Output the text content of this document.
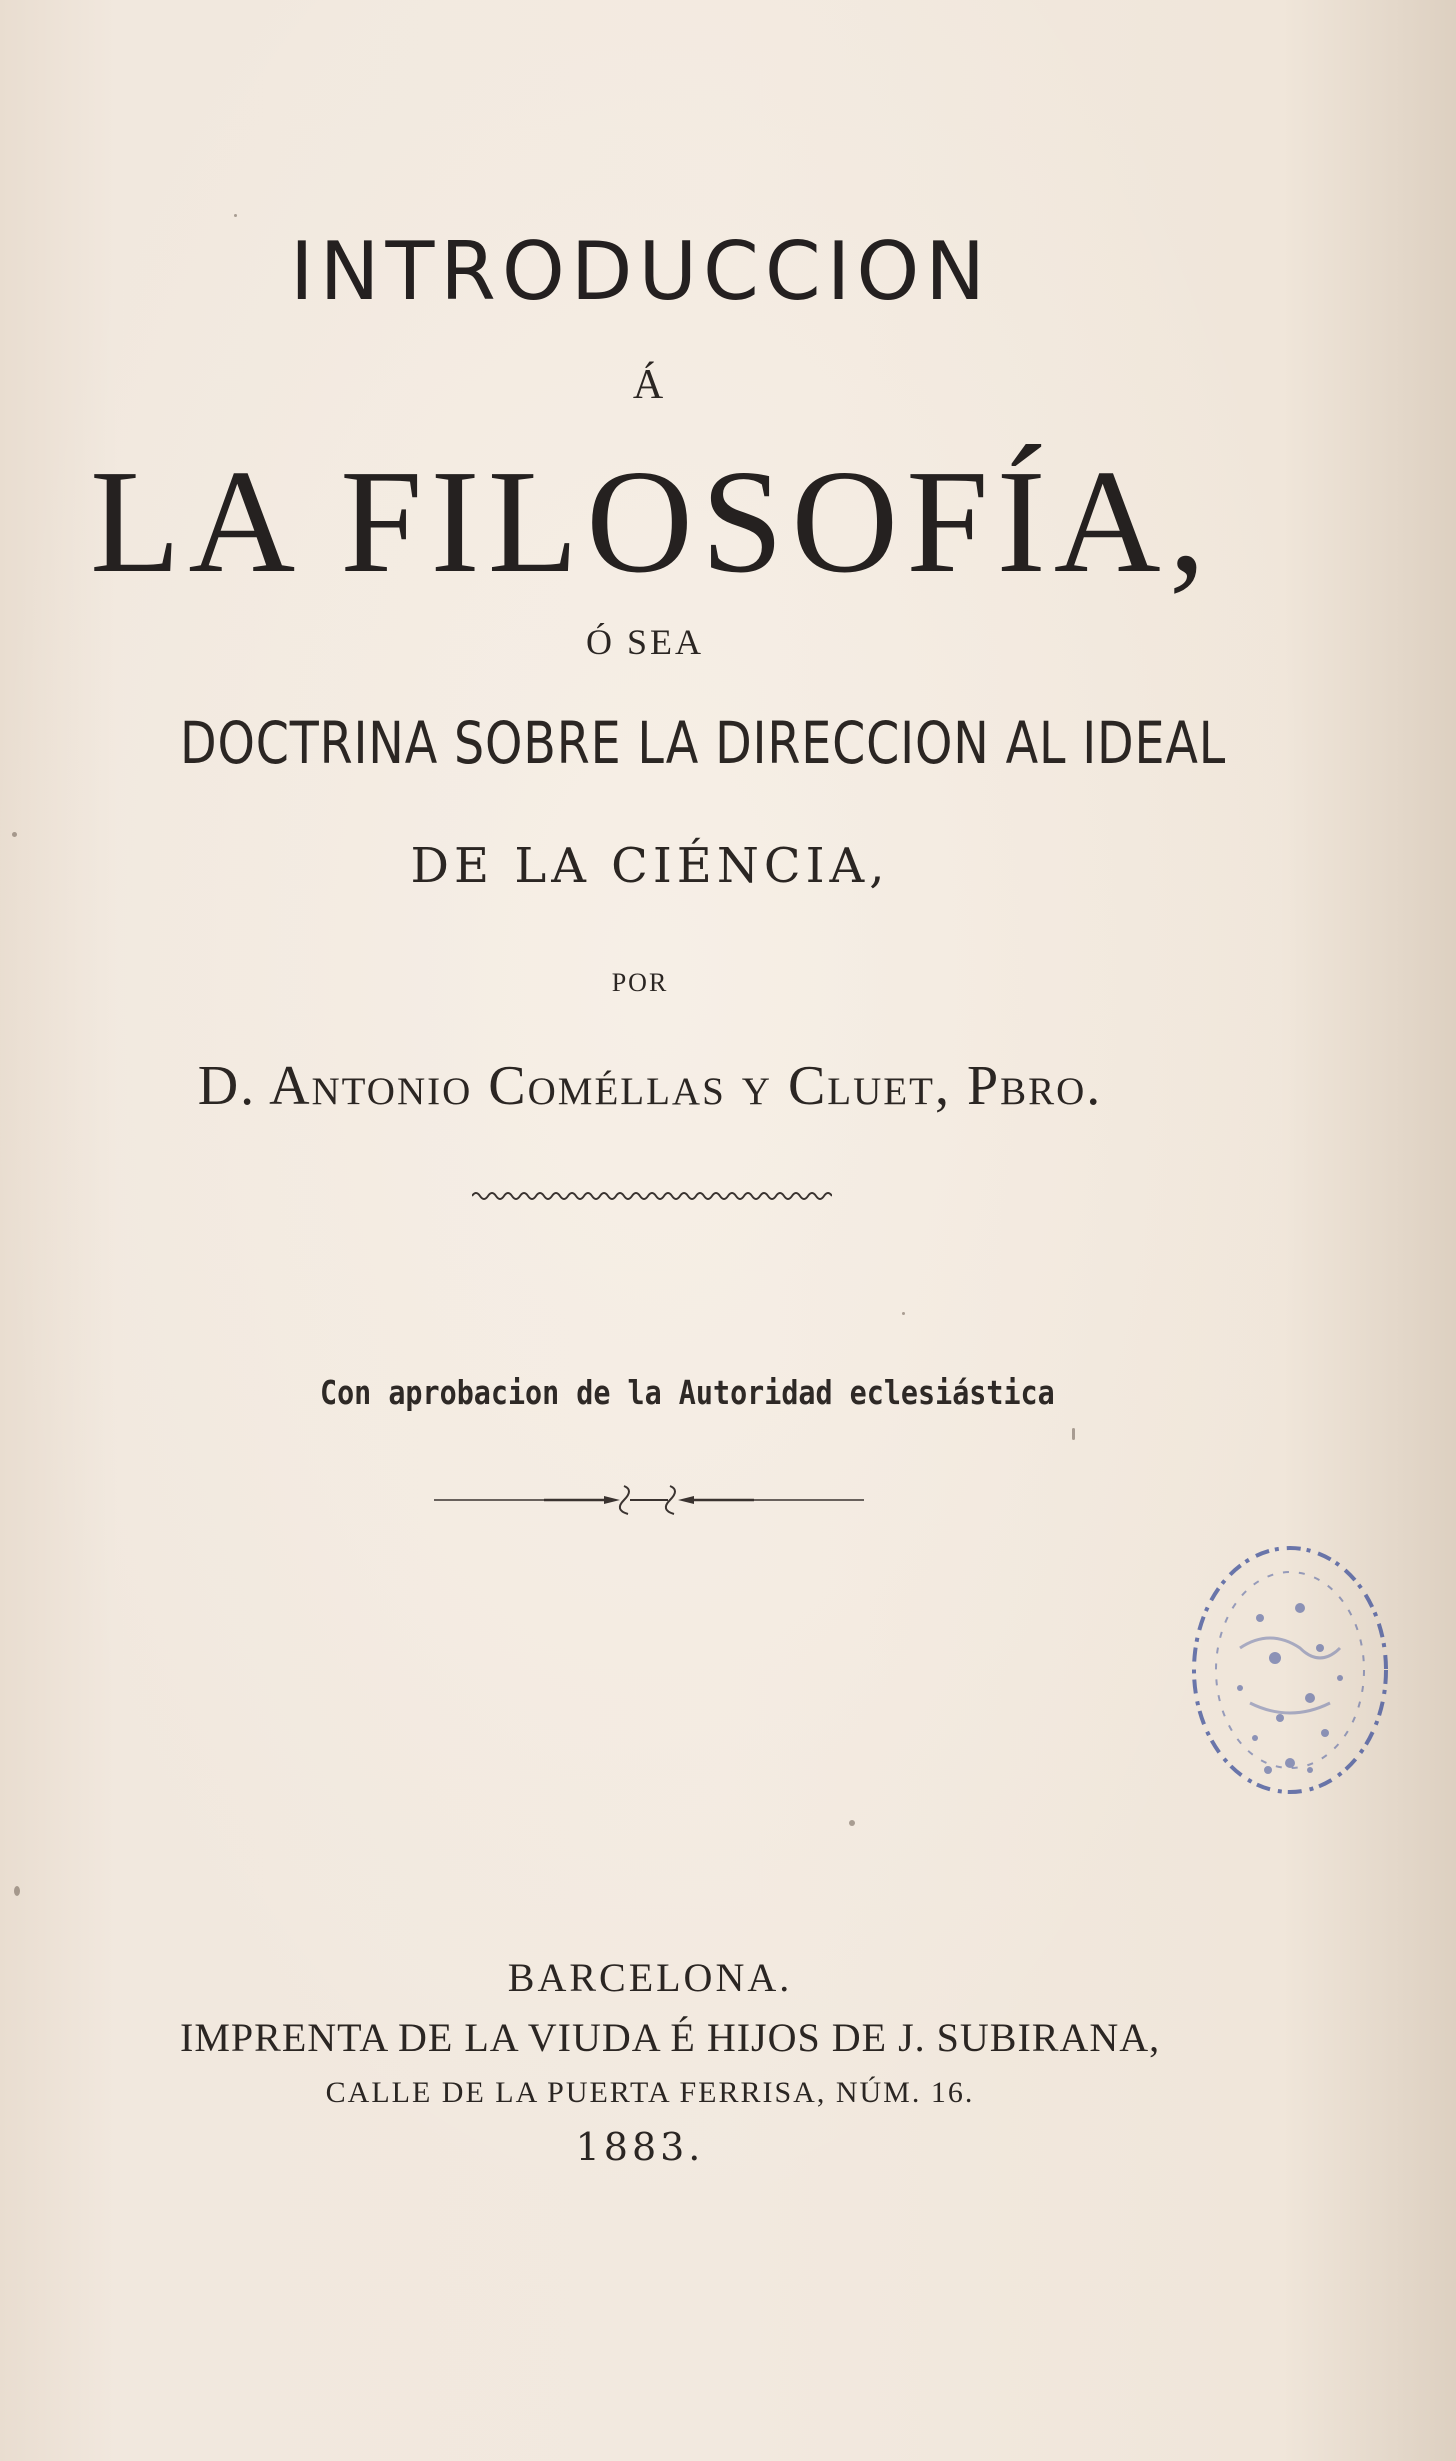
INTRODUCCION
Á
LA FILOSOFÍA,
Ó SEA
DOCTRINA SOBRE LA DIRECCION AL IDEAL
DE LA CIÉNCIA,
POR
D. Antonio Coméllas y Cluet, Pbro.
Con aprobacion de la Autoridad eclesiástica
BARCELONA.
IMPRENTA DE LA VIUDA É HIJOS DE J. SUBIRANA,
CALLE DE LA PUERTA FERRISA, NÚM. 16.
1883.
